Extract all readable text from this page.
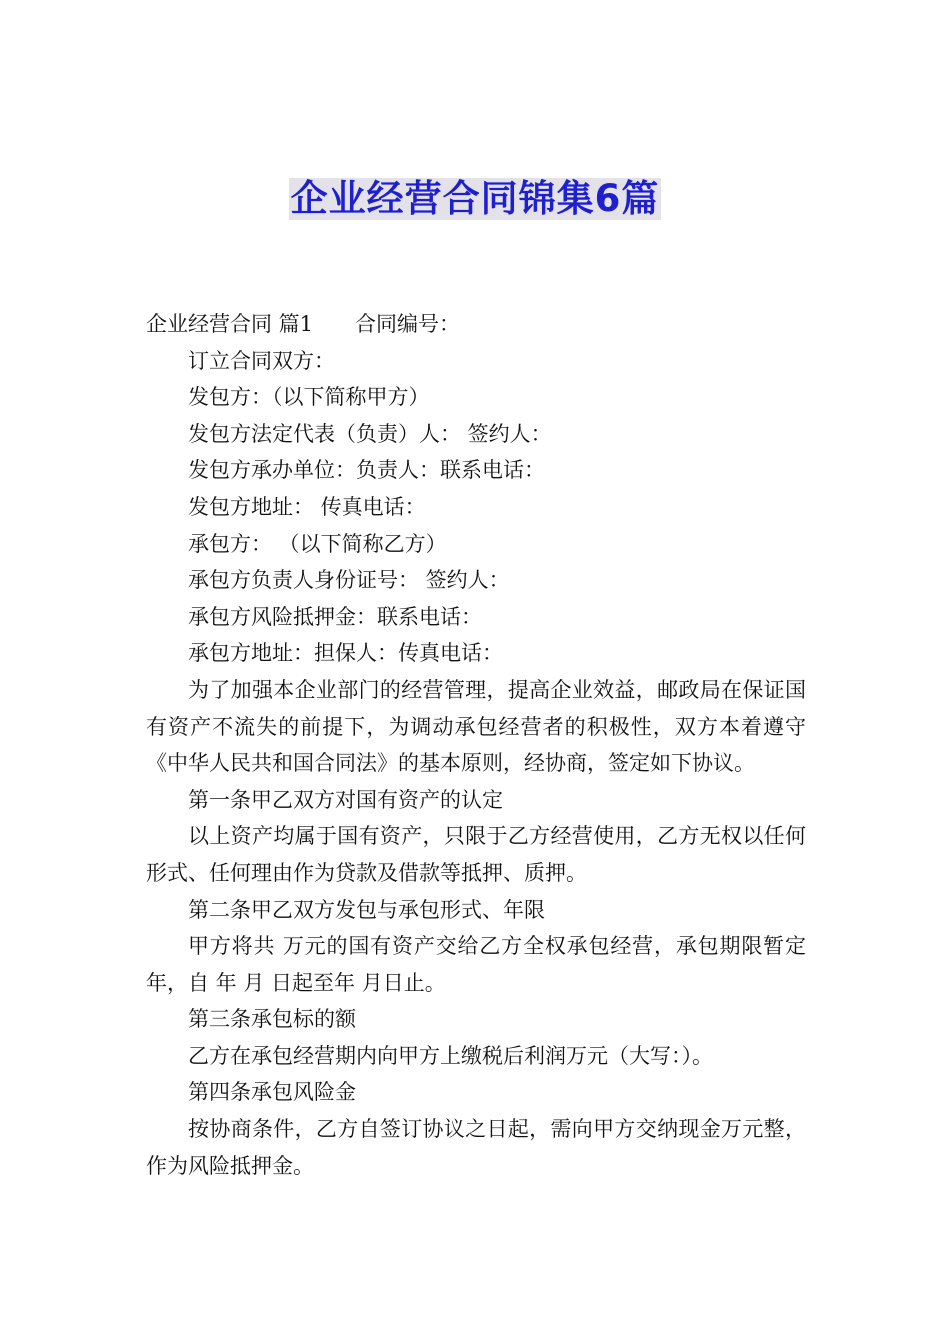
企业经营合同锦集6篇
企业经营合同 篇1 合同编号：
订立合同双方：
发包方：（以下简称甲方）
发包方法定代表（负责）人： 签约人：
发包方承办单位：负责人：联系电话：
发包方地址： 传真电话：
承包方： （以下简称乙方）
承包方负责人身份证号： 签约人：
承包方风险抵押金：联系电话：
承包方地址：担保人：传真电话：

为了加强本企业部门的经营管理，提高企业效益，邮政局在保证国有资产不流失的前提下，为调动承包经营者的积极性，双方本着遵守《中华人民共和国合同法》的基本原则，经协商，签定如下协议。

第一条甲乙双方对国有资产的认定

以上资产均属于国有资产，只限于乙方经营使用，乙方无权以任何形式、任何理由作为贷款及借款等抵押、质押。

第二条甲乙双方发包与承包形式、年限

甲方将共 万元的国有资产交给乙方全权承包经营，承包期限暂定 年，自 年 月 日起至年 月日止。

第三条承包标的额

乙方在承包经营期内向甲方上缴税后利润万元（大写：）。

第四条承包风险金

按协商条件，乙方自签订协议之日起，需向甲方交纳现金万元整，作为风险抵押金。
